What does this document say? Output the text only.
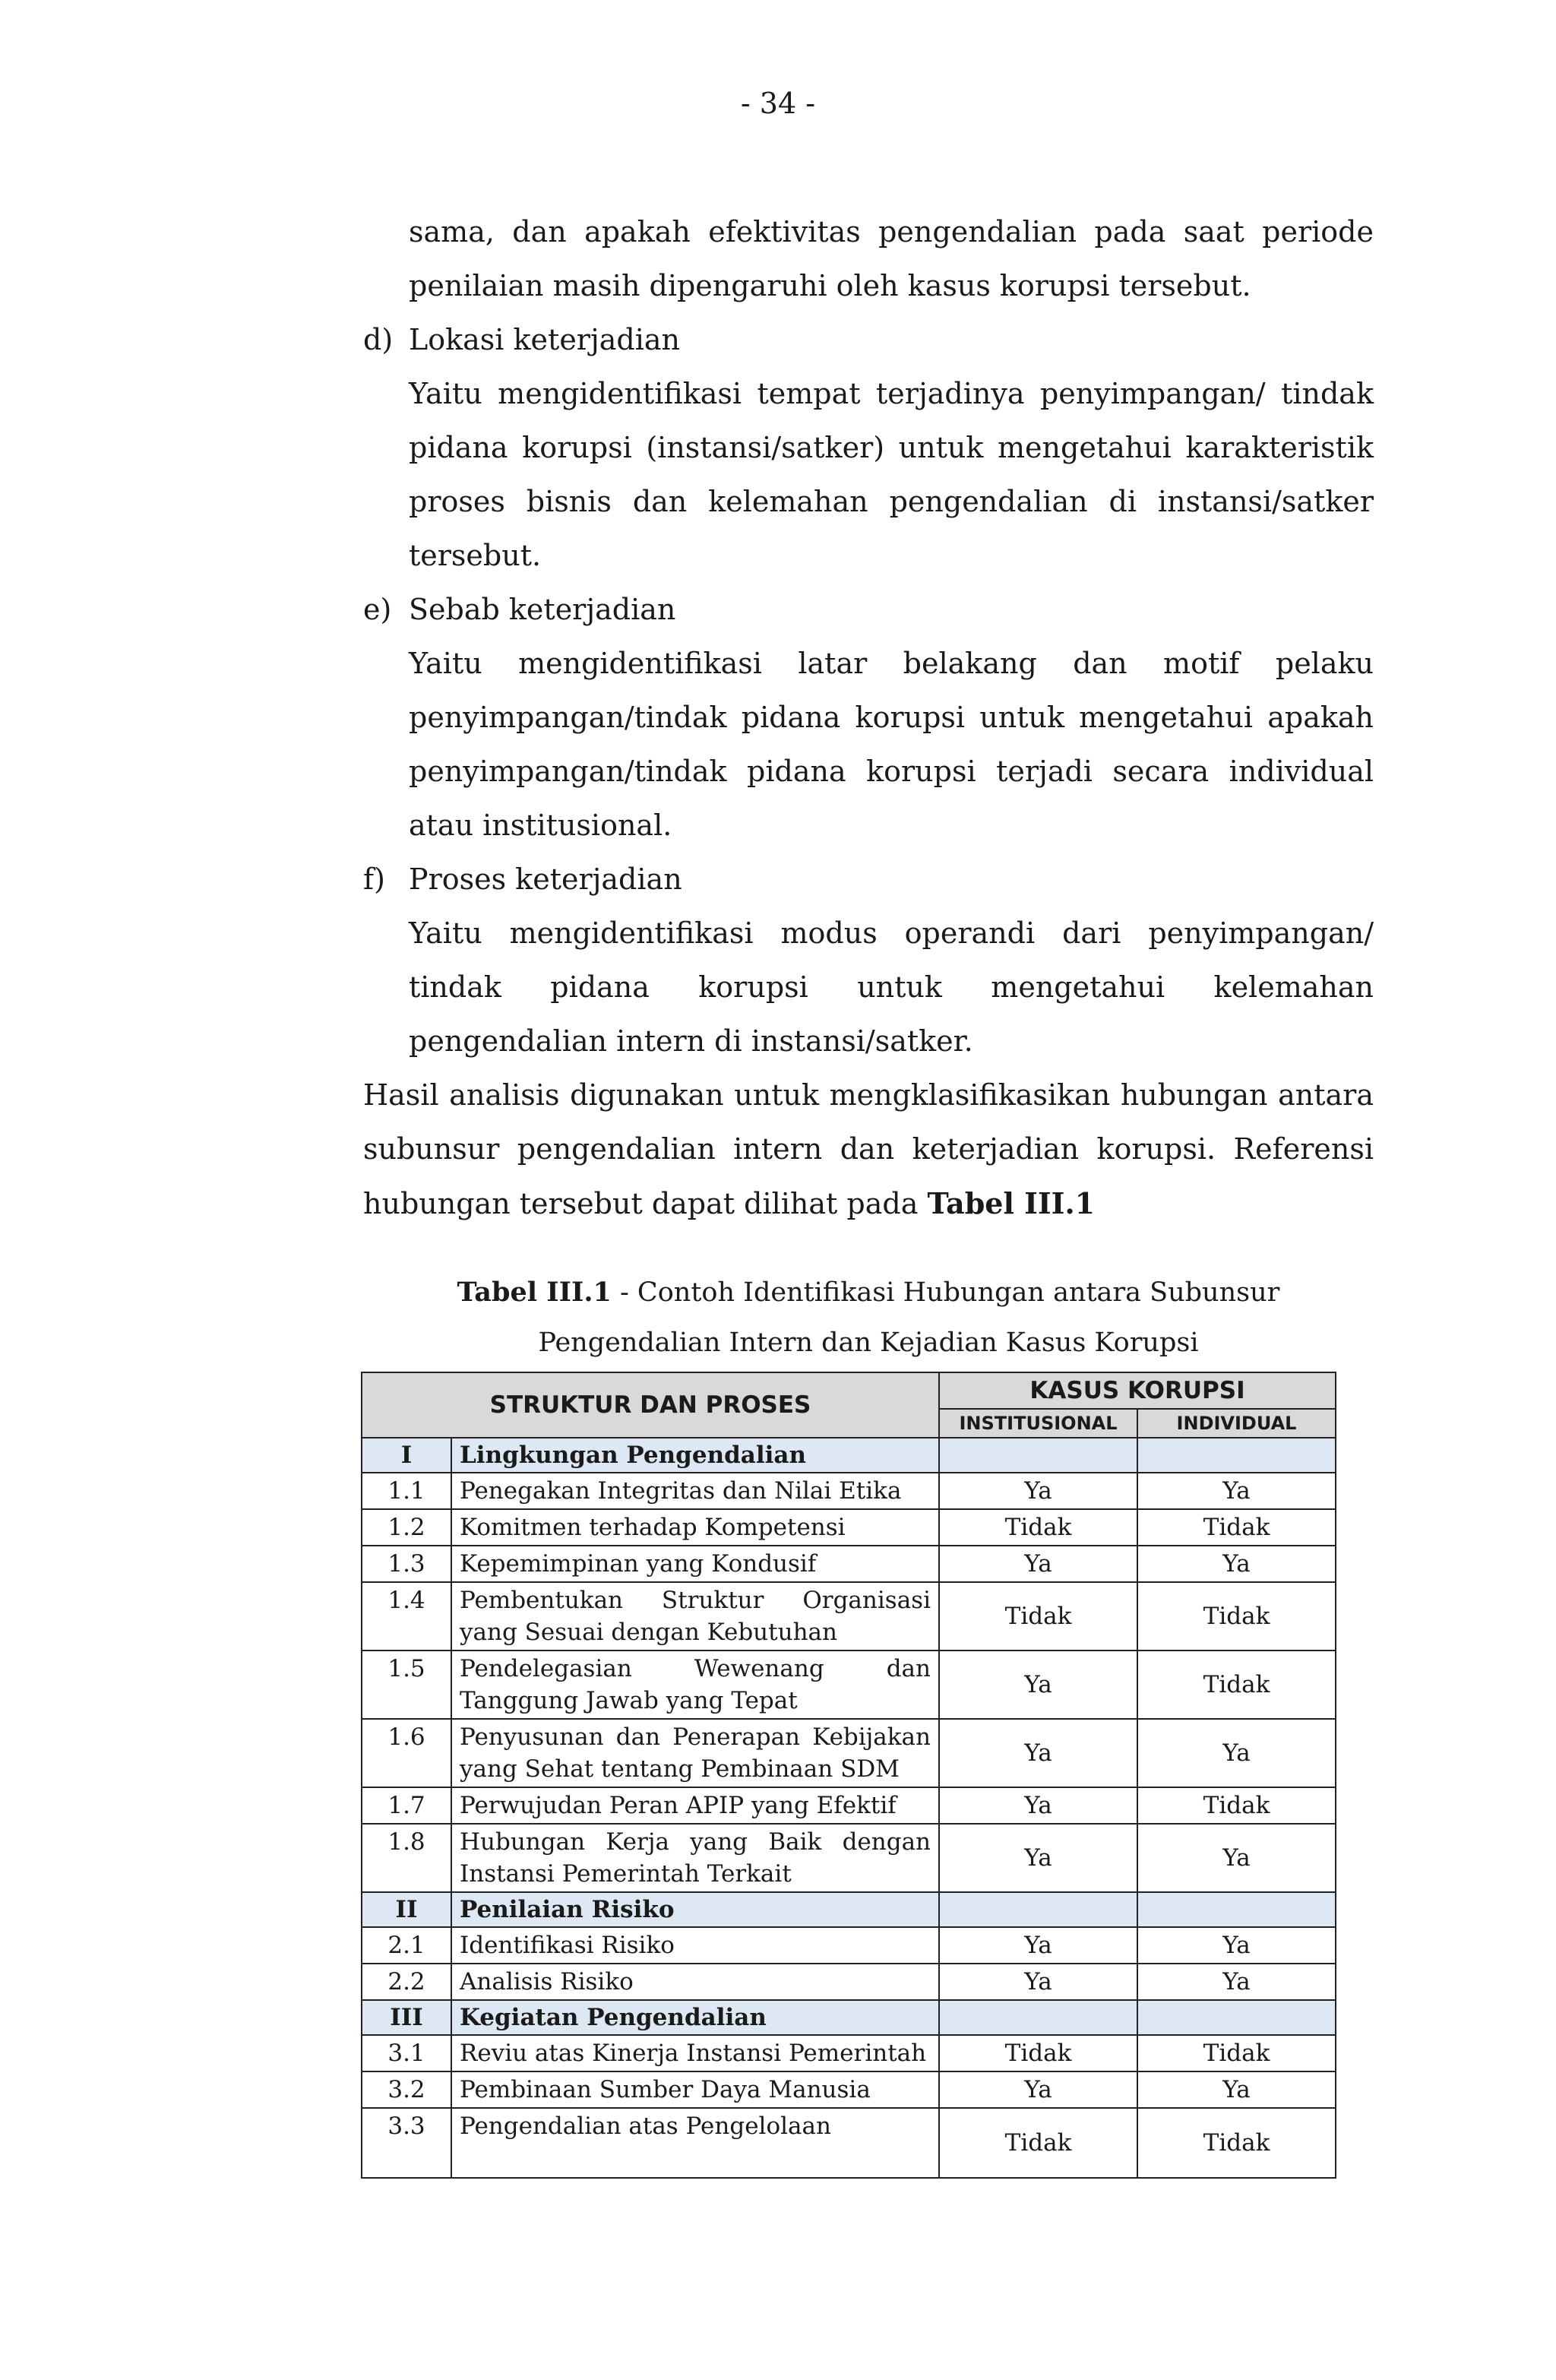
- 34 -

sama, dan apakah efektivitas pengendalian pada saat periode penilaian masih dipengaruhi oleh kasus korupsi tersebut.

d) Lokasi keterjadian

Yaitu mengidentifikasi tempat terjadinya penyimpangan/ tindak pidana korupsi (instansi/satker) untuk mengetahui karakteristik proses bisnis dan kelemahan pengendalian di instansi/satker tersebut.

e) Sebab keterjadian

Yaitu mengidentifikasi latar belakang dan motif pelaku penyimpangan/tindak pidana korupsi untuk mengetahui apakah penyimpangan/tindak pidana korupsi terjadi secara individual atau institusional.

f) Proses keterjadian

Yaitu mengidentifikasi modus operandi dari penyimpangan/ tindak pidana korupsi untuk mengetahui kelemahan pengendalian intern di instansi/satker.

Hasil analisis digunakan untuk mengklasifikasikan hubungan antara subunsur pengendalian intern dan keterjadian korupsi. Referensi hubungan tersebut dapat dilihat pada Tabel III.1

Tabel III.1 - Contoh Identifikasi Hubungan antara Subunsur
Pengendalian Intern dan Kejadian Kasus Korupsi
STRUKTUR DAN PROSES		KASUS KORUPSI	
		INSTITUSIONAL	INDIVIDUAL
I	Lingkungan Pengendalian		
1.1	Penegakan Integritas dan Nilai Etika	Ya	Ya
1.2	Komitmen terhadap Kompetensi	Tidak	Tidak
1.3	Kepemimpinan yang Kondusif	Ya	Ya
1.4	Pembentukan Struktur Organisasi yang Sesuai dengan Kebutuhan	Tidak	Tidak
1.5	Pendelegasian Wewenang dan Tanggung Jawab yang Tepat	Ya	Tidak
1.6	Penyusunan dan Penerapan Kebijakan yang Sehat tentang Pembinaan SDM	Ya	Ya
1.7	Perwujudan Peran APIP yang Efektif	Ya	Tidak
1.8	Hubungan Kerja yang Baik dengan Instansi Pemerintah Terkait	Ya	Ya
II	Penilaian Risiko		
2.1	Identifikasi Risiko	Ya	Ya
2.2	Analisis Risiko	Ya	Ya
III	Kegiatan Pengendalian		
3.1	Reviu atas Kinerja Instansi Pemerintah	Tidak	Tidak
3.2	Pembinaan Sumber Daya Manusia	Ya	Ya
3.3	Pengendalian atas Pengelolaan	Tidak	Tidak
